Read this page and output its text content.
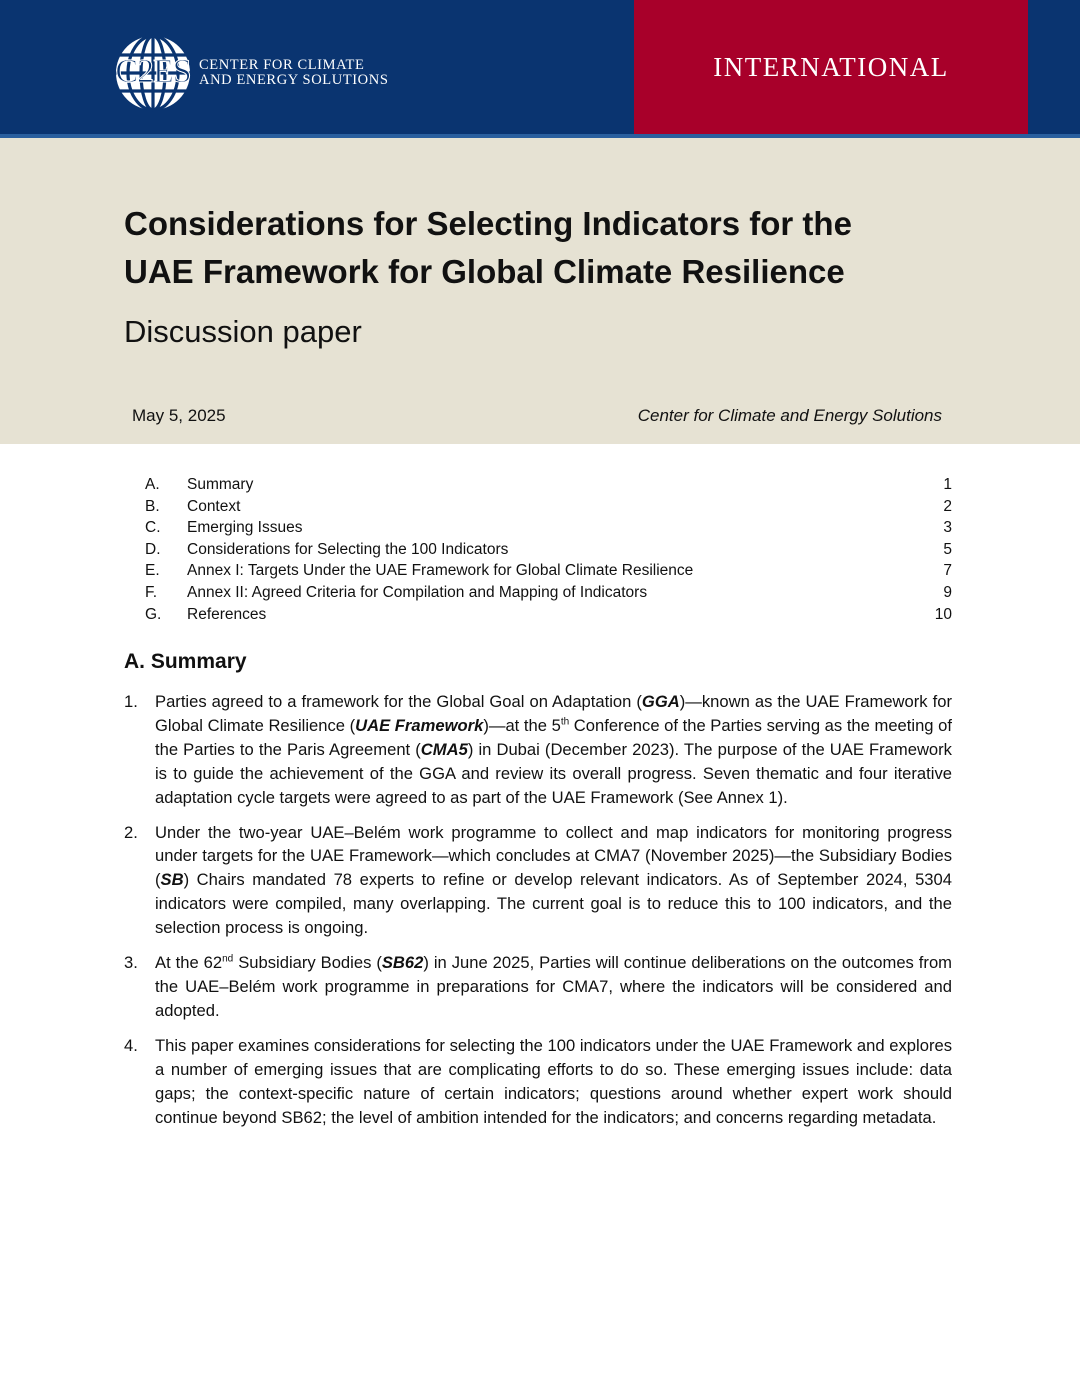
C2ES CENTER FOR CLIMATE
AND ENERGY SOLUTIONS	INTERNATIONAL
Considerations for Selecting Indicators for the
UAE Framework for Global Climate Resilience
Discussion paper
May 5, 2025	Center for Climate and Energy Solutions
A. Summary	1
B. Context	2
C. Emerging Issues	3
D. Considerations for Selecting the 100 Indicators	5
E. Annex I: Targets Under the UAE Framework for Global Climate Resilience	7
F. Annex II: Agreed Criteria for Compilation and Mapping of Indicators	9
G. References	10
A. Summary
1. Parties agreed to a framework for the Global Goal on Adaptation (GGA)—known as the UAE Framework for Global Climate Resilience (UAE Framework)—at the 5th Conference of the Parties serving as the meeting of the Parties to the Paris Agreement (CMA5) in Dubai (December 2023). The purpose of the UAE Framework is to guide the achievement of the GGA and review its overall progress. Seven thematic and four iterative adaptation cycle targets were agreed to as part of the UAE Framework (See Annex 1).

2. Under the two-year UAE–Belém work programme to collect and map indicators for monitoring progress under targets for the UAE Framework—which concludes at CMA7 (November 2025)—the Subsidiary Bodies (SB) Chairs mandated 78 experts to refine or develop relevant indicators. As of September 2024, 5304 indicators were compiled, many overlapping. The current goal is to reduce this to 100 indicators, and the selection process is ongoing.

3. At the 62nd Subsidiary Bodies (SB62) in June 2025, Parties will continue deliberations on the outcomes from the UAE–Belém work programme in preparations for CMA7, where the indicators will be considered and adopted.

4. This paper examines considerations for selecting the 100 indicators under the UAE Framework and explores a number of emerging issues that are complicating efforts to do so. These emerging issues include: data gaps; the context-specific nature of certain indicators; questions around whether expert work should continue beyond SB62; the level of ambition intended for the indicators; and concerns regarding metadata.
